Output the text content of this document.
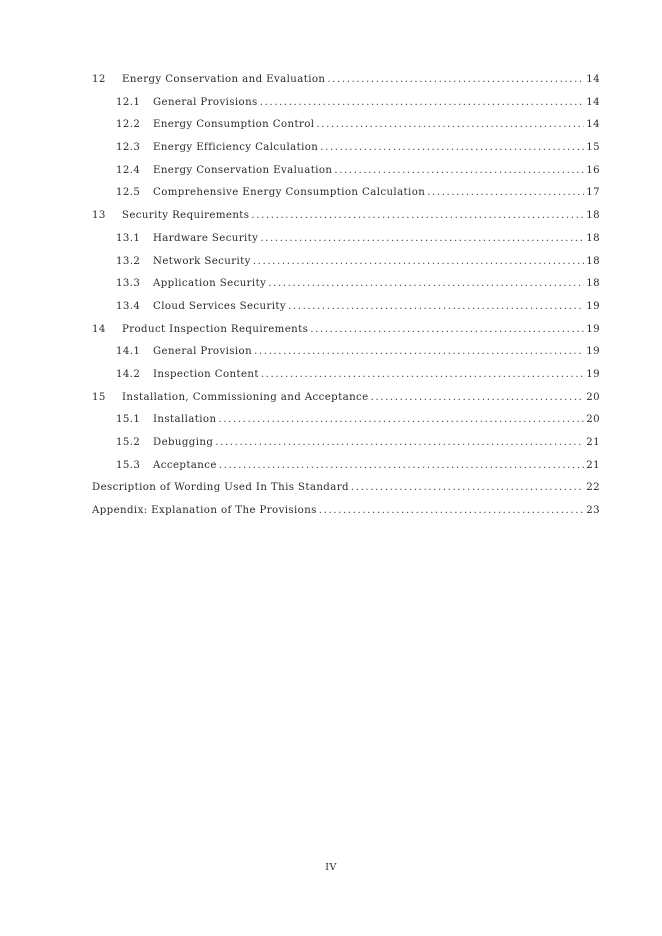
12	Energy Conservation and Evaluation .....	14
12.1	General Provisions .....	14
12.2	Energy Consumption Control .....	14
12.3	Energy Efficiency Calculation .....	15
12.4	Energy Conservation Evaluation .....	16
12.5	Comprehensive Energy Consumption Calculation .....	17
13	Security Requirements .....	18
13.1	Hardware Security .....	18
13.2	Network Security .....	18
13.3	Application Security .....	18
13.4	Cloud Services Security .....	19
14	Product Inspection Requirements .....	19
14.1	General Provision .....	19
14.2	Inspection Content .....	19
15	Installation, Commissioning and Acceptance .....	20
15.1	Installation .....	20
15.2	Debugging .....	21
15.3	Acceptance .....	21
Description of Wording Used In This Standard .....	22
Appendix: Explanation of The Provisions .....	23
IV
